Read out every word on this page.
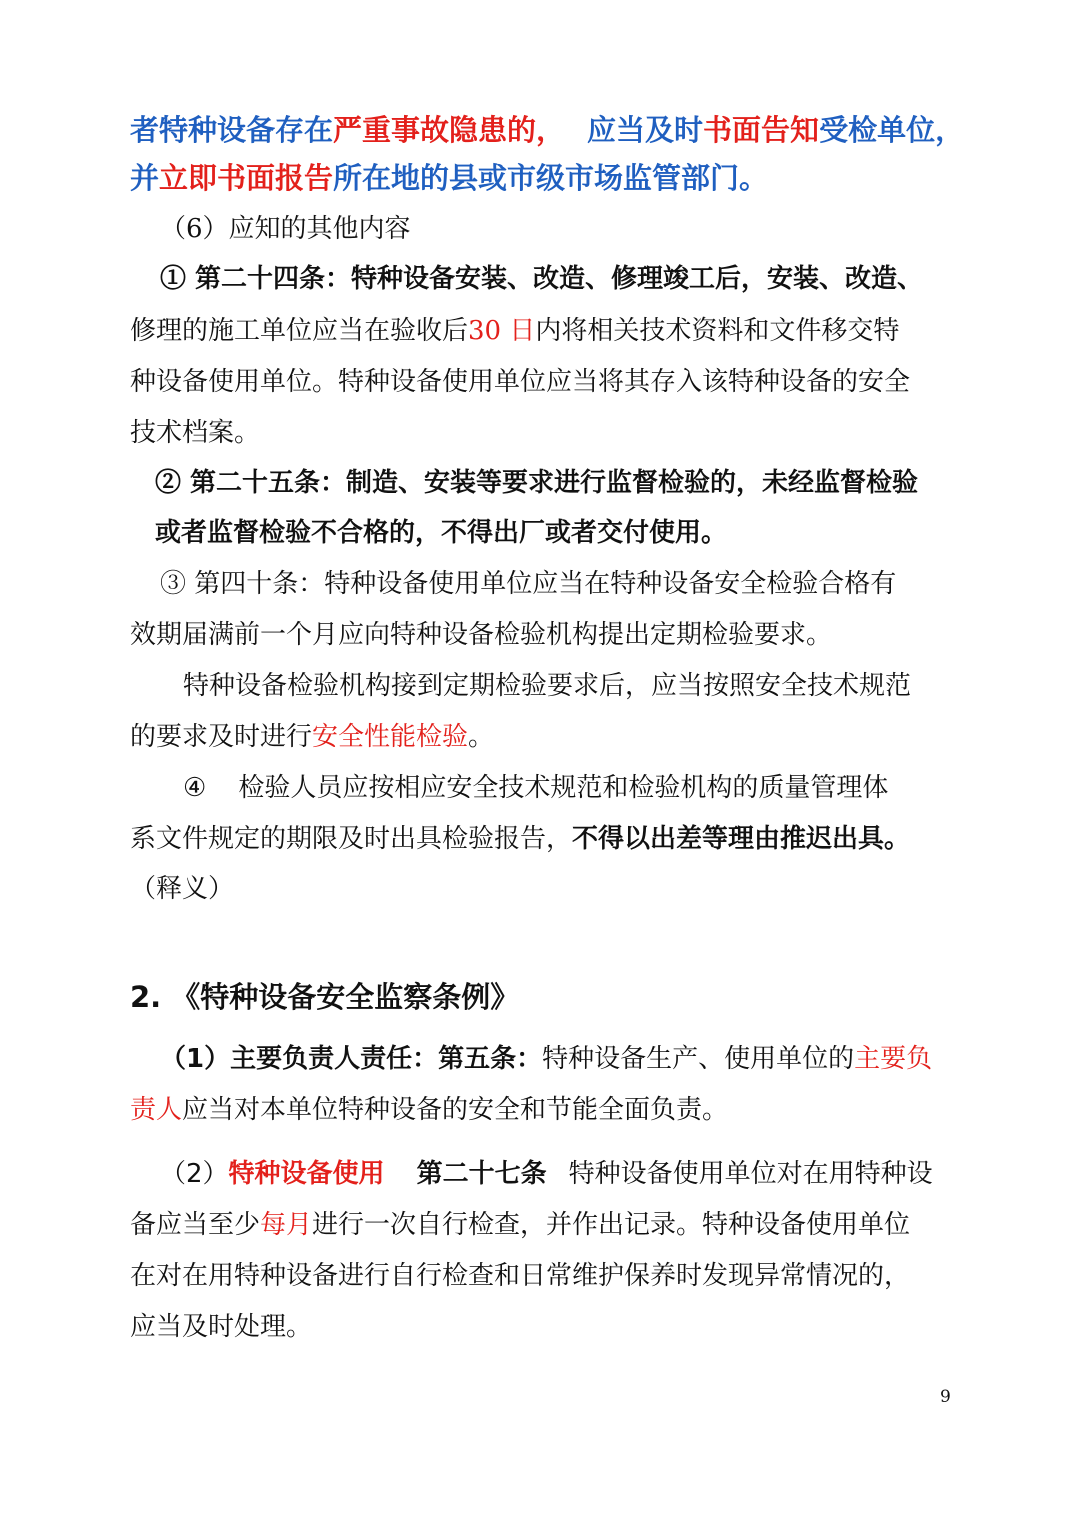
者特种设备存在严重事故隐患的， 应当及时书面告知受检单位，
并立即书面报告所在地的县或市级市场监管部门。
（6）应知的其他内容
① 第二十四条：特种设备安装、改造、修理竣工后，安装、改造、
修理的施工单位应当在验收后30 日内将相关技术资料和文件移交特
种设备使用单位。特种设备使用单位应当将其存入该特种设备的安全
技术档案。
② 第二十五条：制造、安装等要求进行监督检验的，未经监督检验
或者监督检验不合格的，不得出厂或者交付使用。
③ 第四十条：特种设备使用单位应当在特种设备安全检验合格有
效期届满前一个月应向特种设备检验机构提出定期检验要求。
特种设备检验机构接到定期检验要求后，应当按照安全技术规范
的要求及时进行安全性能检验。
④ 检验人员应按相应安全技术规范和检验机构的质量管理体
系文件规定的期限及时出具检验报告，不得以出差等理由推迟出具。
（释义）
2. 《特种设备安全监察条例》
（1）主要负责人责任：第五条：特种设备生产、使用单位的主要负
责人应当对本单位特种设备的安全和节能全面负责。
（2）特种设备使用 第二十七条 特种设备使用单位对在用特种设
备应当至少每月进行一次自行检查，并作出记录。特种设备使用单位
在对在用特种设备进行自行检查和日常维护保养时发现异常情况的，
应当及时处理。
9
